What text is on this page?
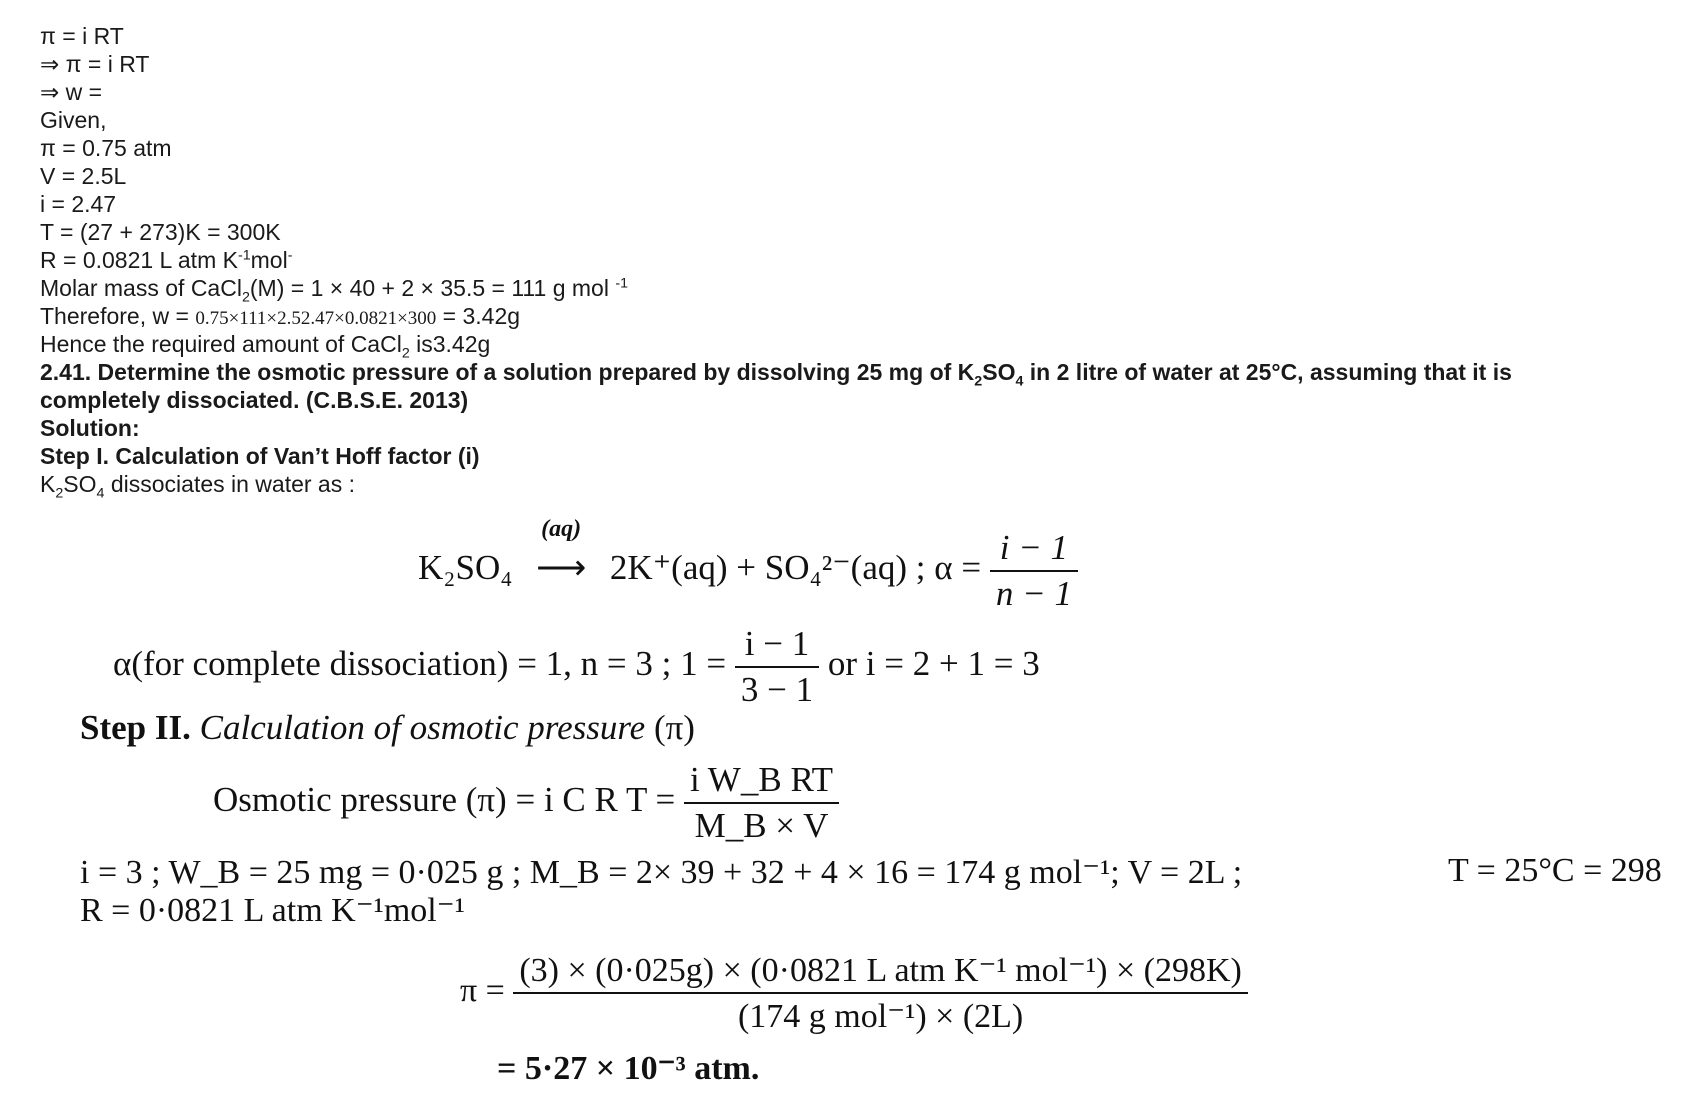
π = i RT
⇒ π = i RT
⇒ w =
Given,
π = 0.75 atm
V = 2.5L
i = 2.47
T = (27 + 273)K = 300K
R = 0.0821 L atm $K^{-1}mol^-$
Molar mass of CaCl$_2$(M) = 1 × 40 + 2 × 35.5 = 111 g mol $^{-1}$
Therefore, w = 0.75×111×2.52.47×0.0821×300 = 3.42g
Hence the required amount of CaCl$_2$ is3.42g
2.41. Determine the osmotic pressure of a solution prepared by dissolving 25 mg of $K_2SO_4$ in 2 litre of water at 25°C, assuming that it is
completely dissociated. (C.B.S.E. 2013)
Solution:
Step I. Calculation of Van’t Hoff factor (i)
$K_2SO_4$ dissociates in water as :
K₂SO₄
(aq)
⟶ 2K⁺(aq) + SO₄²⁻(aq) ; $\alpha = \frac{i - 1}{n - 1}$
α(for complete dissociation) = 1, n = 3 ; $1 = \frac{i - 1}{3 - 1}$ or i = 2 + 1 = 3
Step II. Calculation of osmotic pressure (π)
Osmotic pressure (π) = i C R $T = \frac{\text{i W\_B RT}}{M\_B \times V}$
i = 3 ; W_B = 25 mg = 0·025 g ; M_B = 2× 39 + 32 + 4 × 16 = 174 g mol⁻¹; V = 2L ;	T = 25°C = 298
R = 0·0821 L atm K⁻¹mol⁻¹
$\pi = \frac{\text{(3) × (0·025g) × (0·0821 L atm K⁻¹ mol⁻¹) × (298K)}}{\text{(174 g mol⁻¹) × (2L)}}$
= 5·27 × 10⁻³ atm.
